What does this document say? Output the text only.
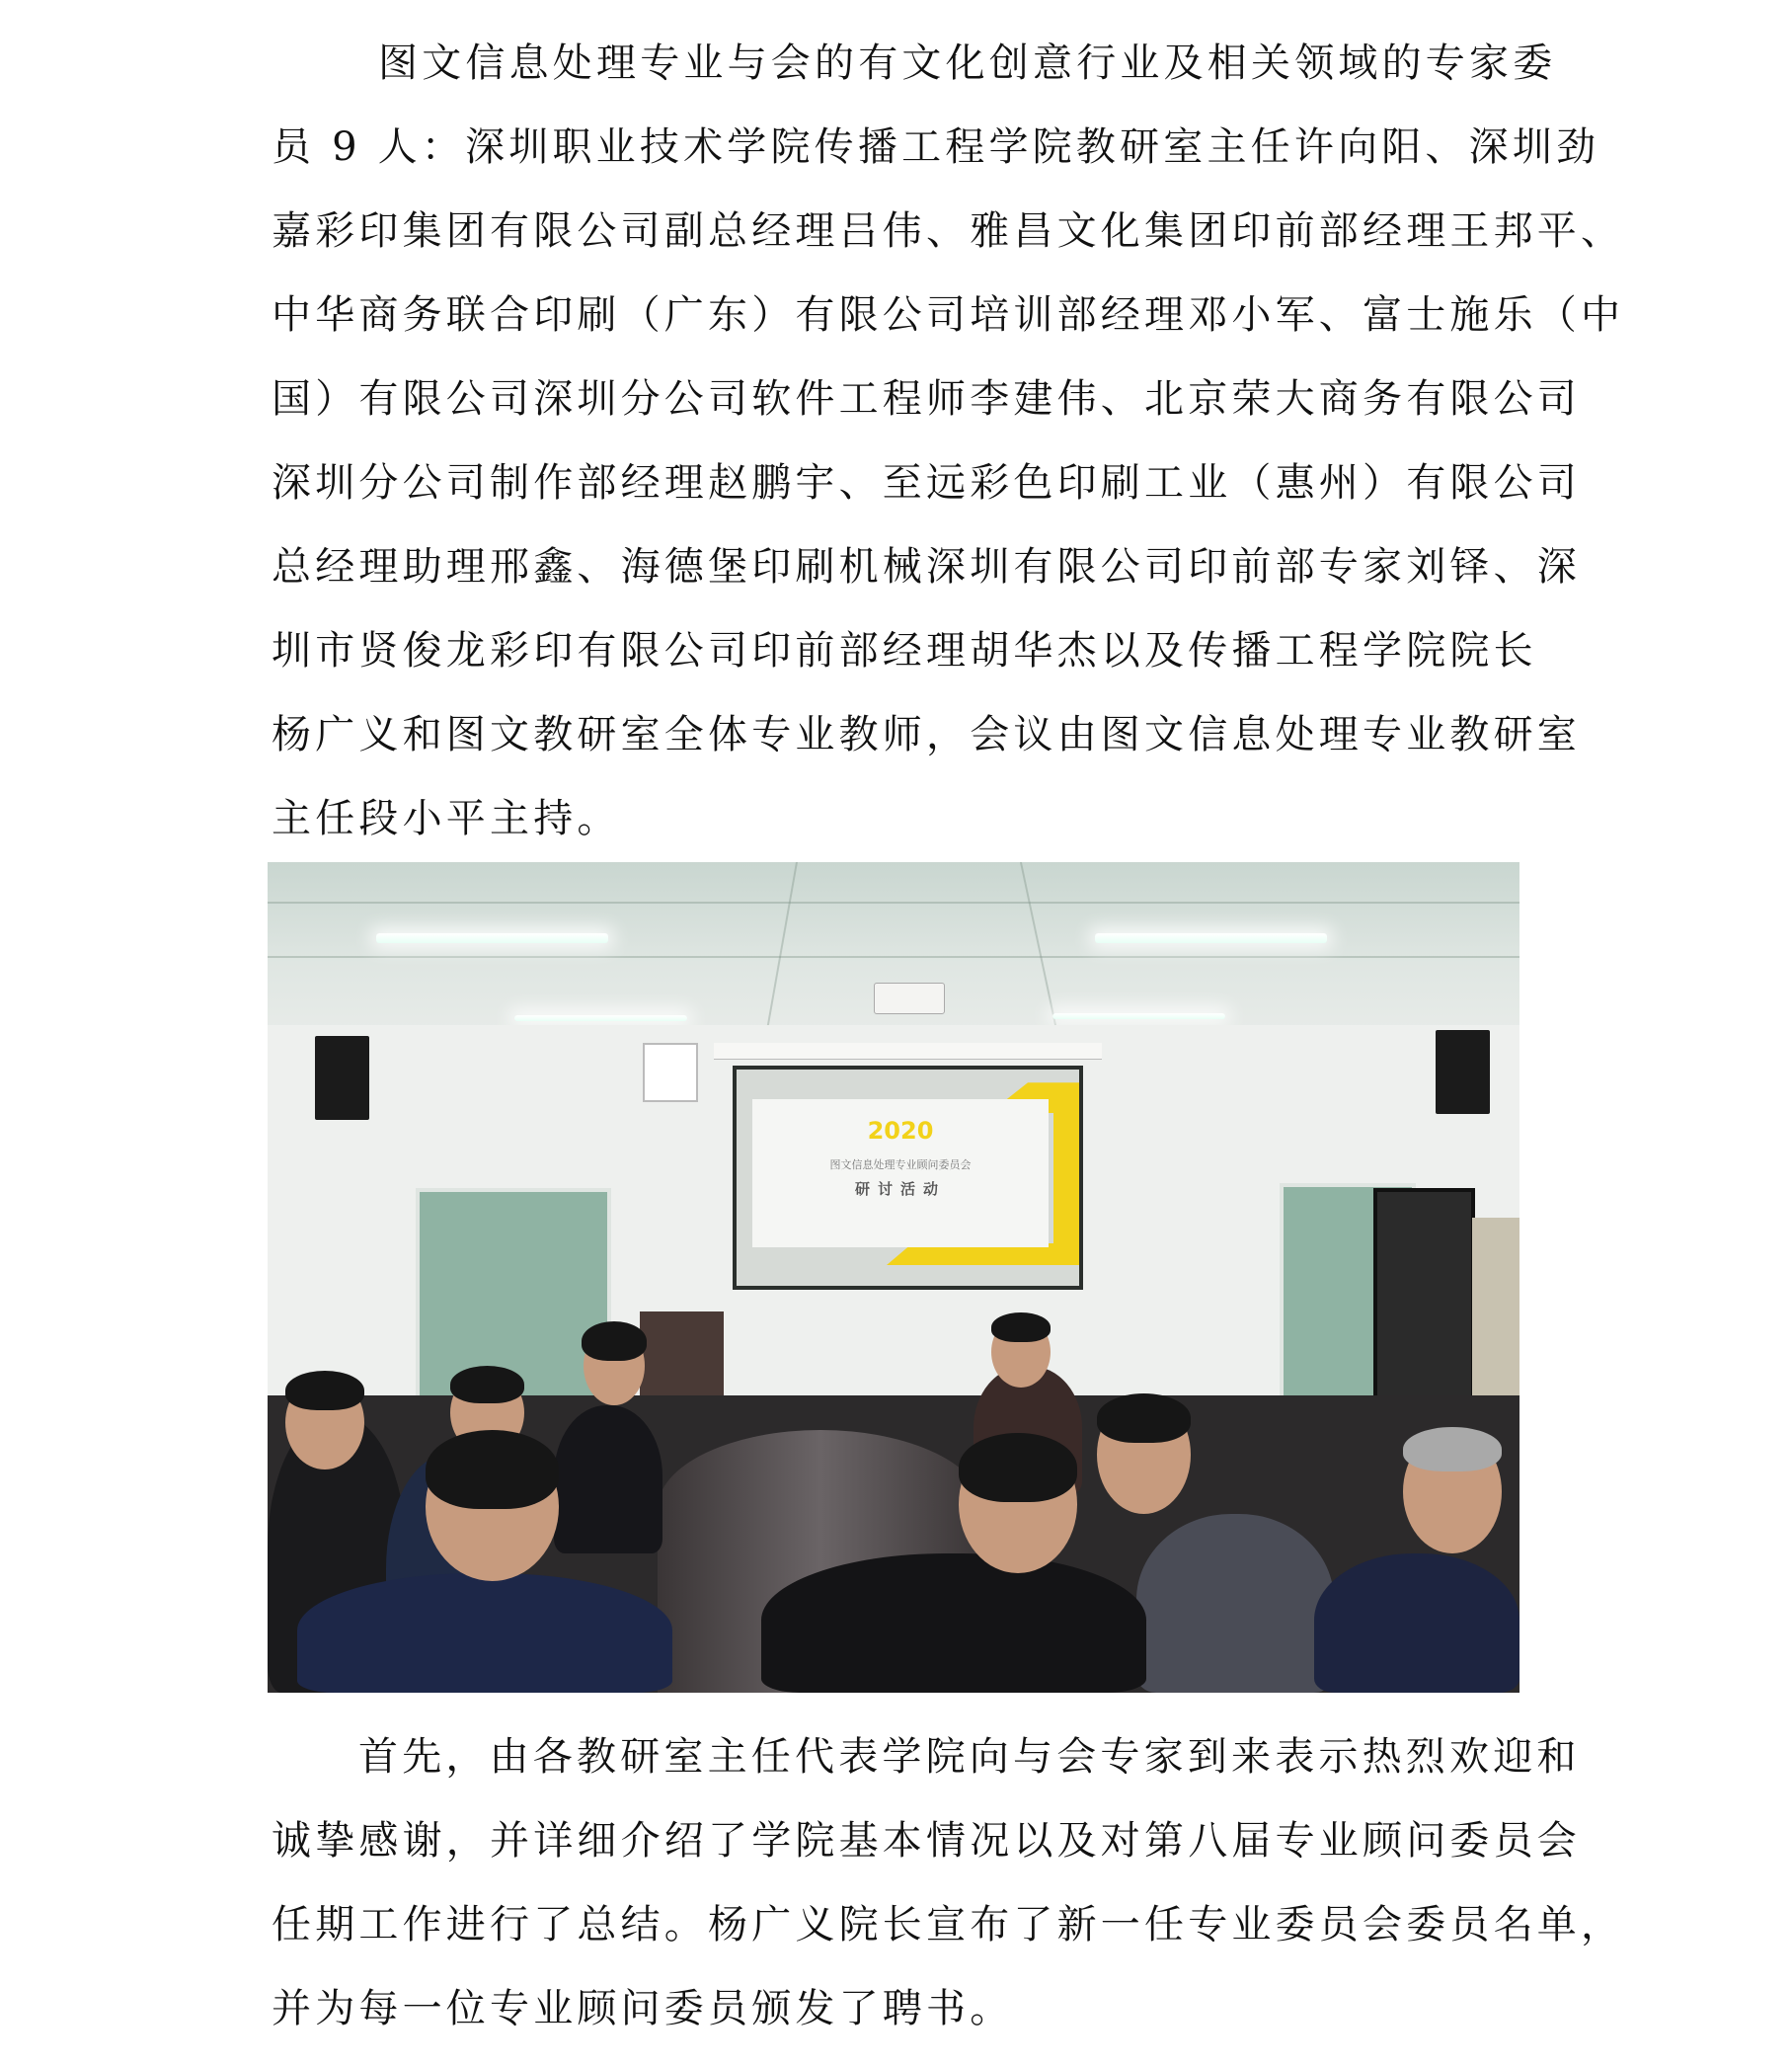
图文信息处理专业与会的有文化创意行业及相关领域的专家委
员 9 人：深圳职业技术学院传播工程学院教研室主任许向阳、深圳劲
嘉彩印集团有限公司副总经理吕伟、雅昌文化集团印前部经理王邦平、
中华商务联合印刷（广东）有限公司培训部经理邓小军、富士施乐（中
国）有限公司深圳分公司软件工程师李建伟、北京荣大商务有限公司
深圳分公司制作部经理赵鹏宇、至远彩色印刷工业（惠州）有限公司
总经理助理邢鑫、海德堡印刷机械深圳有限公司印前部专家刘铎、深
圳市贤俊龙彩印有限公司印前部经理胡华杰以及传播工程学院院长
杨广义和图文教研室全体专业教师，会议由图文信息处理专业教研室
主任段小平主持。
2020
图文信息处理专业顾问委员会
研讨活动
首先，由各教研室主任代表学院向与会专家到来表示热烈欢迎和
诚挚感谢，并详细介绍了学院基本情况以及对第八届专业顾问委员会
任期工作进行了总结。杨广义院长宣布了新一任专业委员会委员名单，
并为每一位专业顾问委员颁发了聘书。
